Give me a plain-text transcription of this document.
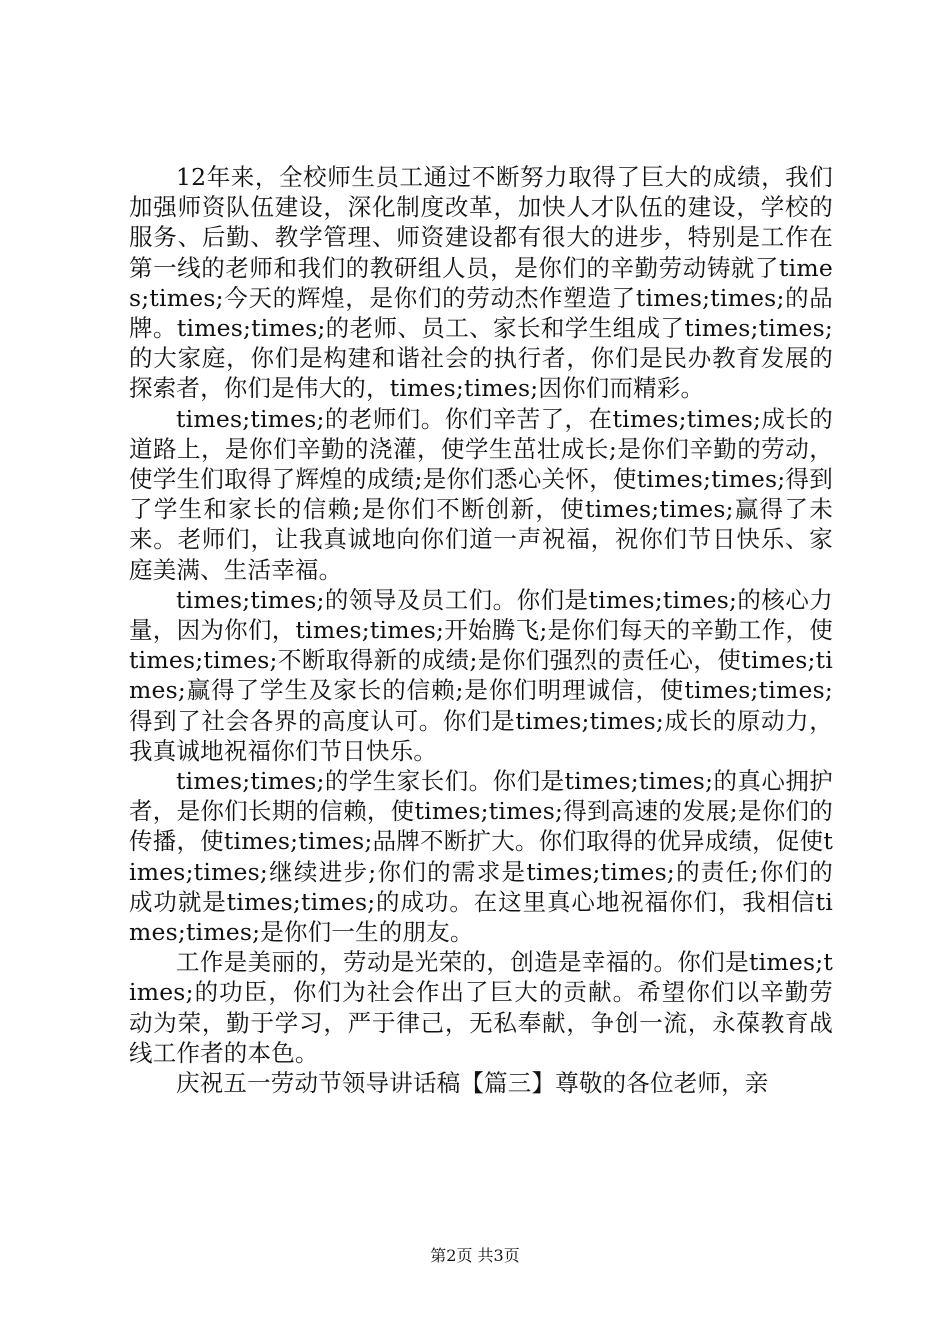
12年来，全校师生员工通过不断努力取得了巨大的成绩，我们加强师资队伍建设，深化制度改革，加快人才队伍的建设，学校的服务、后勤、教学管理、师资建设都有很大的进步，特别是工作在第一线的老师和我们的教研组人员，是你们的辛勤劳动铸就了times;times;今天的辉煌，是你们的劳动杰作塑造了times;times;的品牌。times;times;的老师、员工、家长和学生组成了times;times;的大家庭，你们是构建和谐社会的执行者，你们是民办教育发展的探索者，你们是伟大的，times;times;因你们而精彩。

times;times;的老师们。你们辛苦了，在times;times;成长的道路上，是你们辛勤的浇灌，使学生茁壮成长;是你们辛勤的劳动，使学生们取得了辉煌的成绩;是你们悉心关怀，使times;times;得到了学生和家长的信赖;是你们不断创新，使times;times;赢得了未来。老师们，让我真诚地向你们道一声祝福，祝你们节日快乐、家庭美满、生活幸福。

times;times;的领导及员工们。你们是times;times;的核心力量，因为你们，times;times;开始腾飞;是你们每天的辛勤工作，使times;times;不断取得新的成绩;是你们强烈的责任心，使times;times;赢得了学生及家长的信赖;是你们明理诚信，使times;times;得到了社会各界的高度认可。你们是times;times;成长的原动力，我真诚地祝福你们节日快乐。

times;times;的学生家长们。你们是times;times;的真心拥护者，是你们长期的信赖，使times;times;得到高速的发展;是你们的传播，使times;times;品牌不断扩大。你们取得的优异成绩，促使times;times;继续进步;你们的需求是times;times;的责任;你们的成功就是times;times;的成功。在这里真心地祝福你们，我相信times;times;是你们一生的朋友。

工作是美丽的，劳动是光荣的，创造是幸福的。你们是times;times;的功臣，你们为社会作出了巨大的贡献。希望你们以辛勤劳动为荣，勤于学习，严于律己，无私奉献，争创一流，永葆教育战线工作者的本色。

庆祝五一劳动节领导讲话稿【篇三】尊敬的各位老师，亲

第2页 共3页
